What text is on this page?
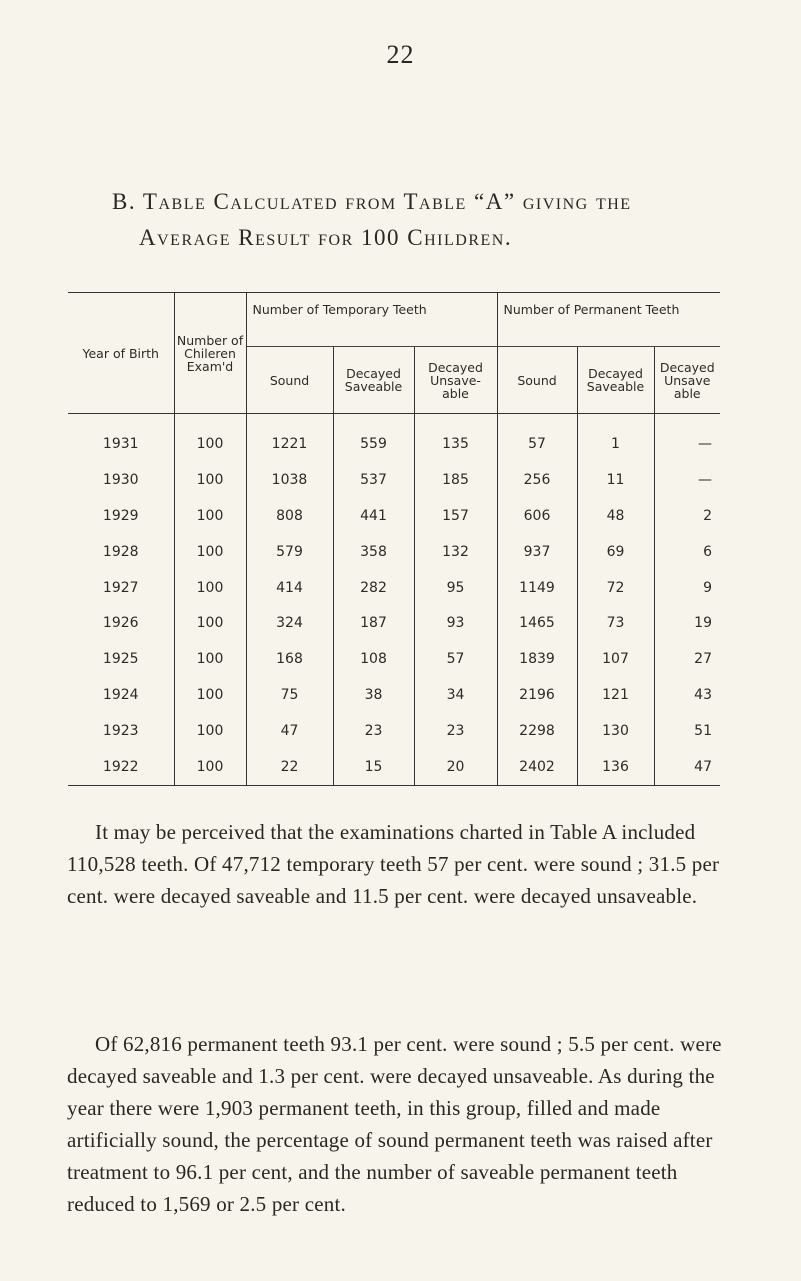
22
B. Table Calculated from Table “A” giving the
Average Result for 100 Children.
Year of Birth	Number of Chileren Exam'd	Number of Temporary Teeth			Number of Permanent Teeth		
		Sound	Decayed Saveable	Decayed Unsave- able	Sound	Decayed Saveable	Decayed Unsave able
1931	100	1221	559	135	57	1	—
1930	100	1038	537	185	256	11	—
1929	100	808	441	157	606	48	2
1928	100	579	358	132	937	69	6
1927	100	414	282	95	1149	72	9
1926	100	324	187	93	1465	73	19
1925	100	168	108	57	1839	107	27
1924	100	75	38	34	2196	121	43
1923	100	47	23	23	2298	130	51
1922	100	22	15	20	2402	136	47
It may be perceived that the examinations charted in Table A included 110,528 teeth. Of 47,712 temporary teeth 57 per cent. were sound ; 31.5 per cent. were decayed saveable and 11.5 per cent. were decayed unsaveable.
Of 62,816 permanent teeth 93.1 per cent. were sound ; 5.5 per cent. were decayed saveable and 1.3 per cent. were decayed unsaveable. As during the year there were 1,903 permanent teeth, in this group, filled and made artificially sound, the percentage of sound permanent teeth was raised after treatment to 96.1 per cent, and the number of saveable permanent teeth reduced to 1,569 or 2.5 per cent.
